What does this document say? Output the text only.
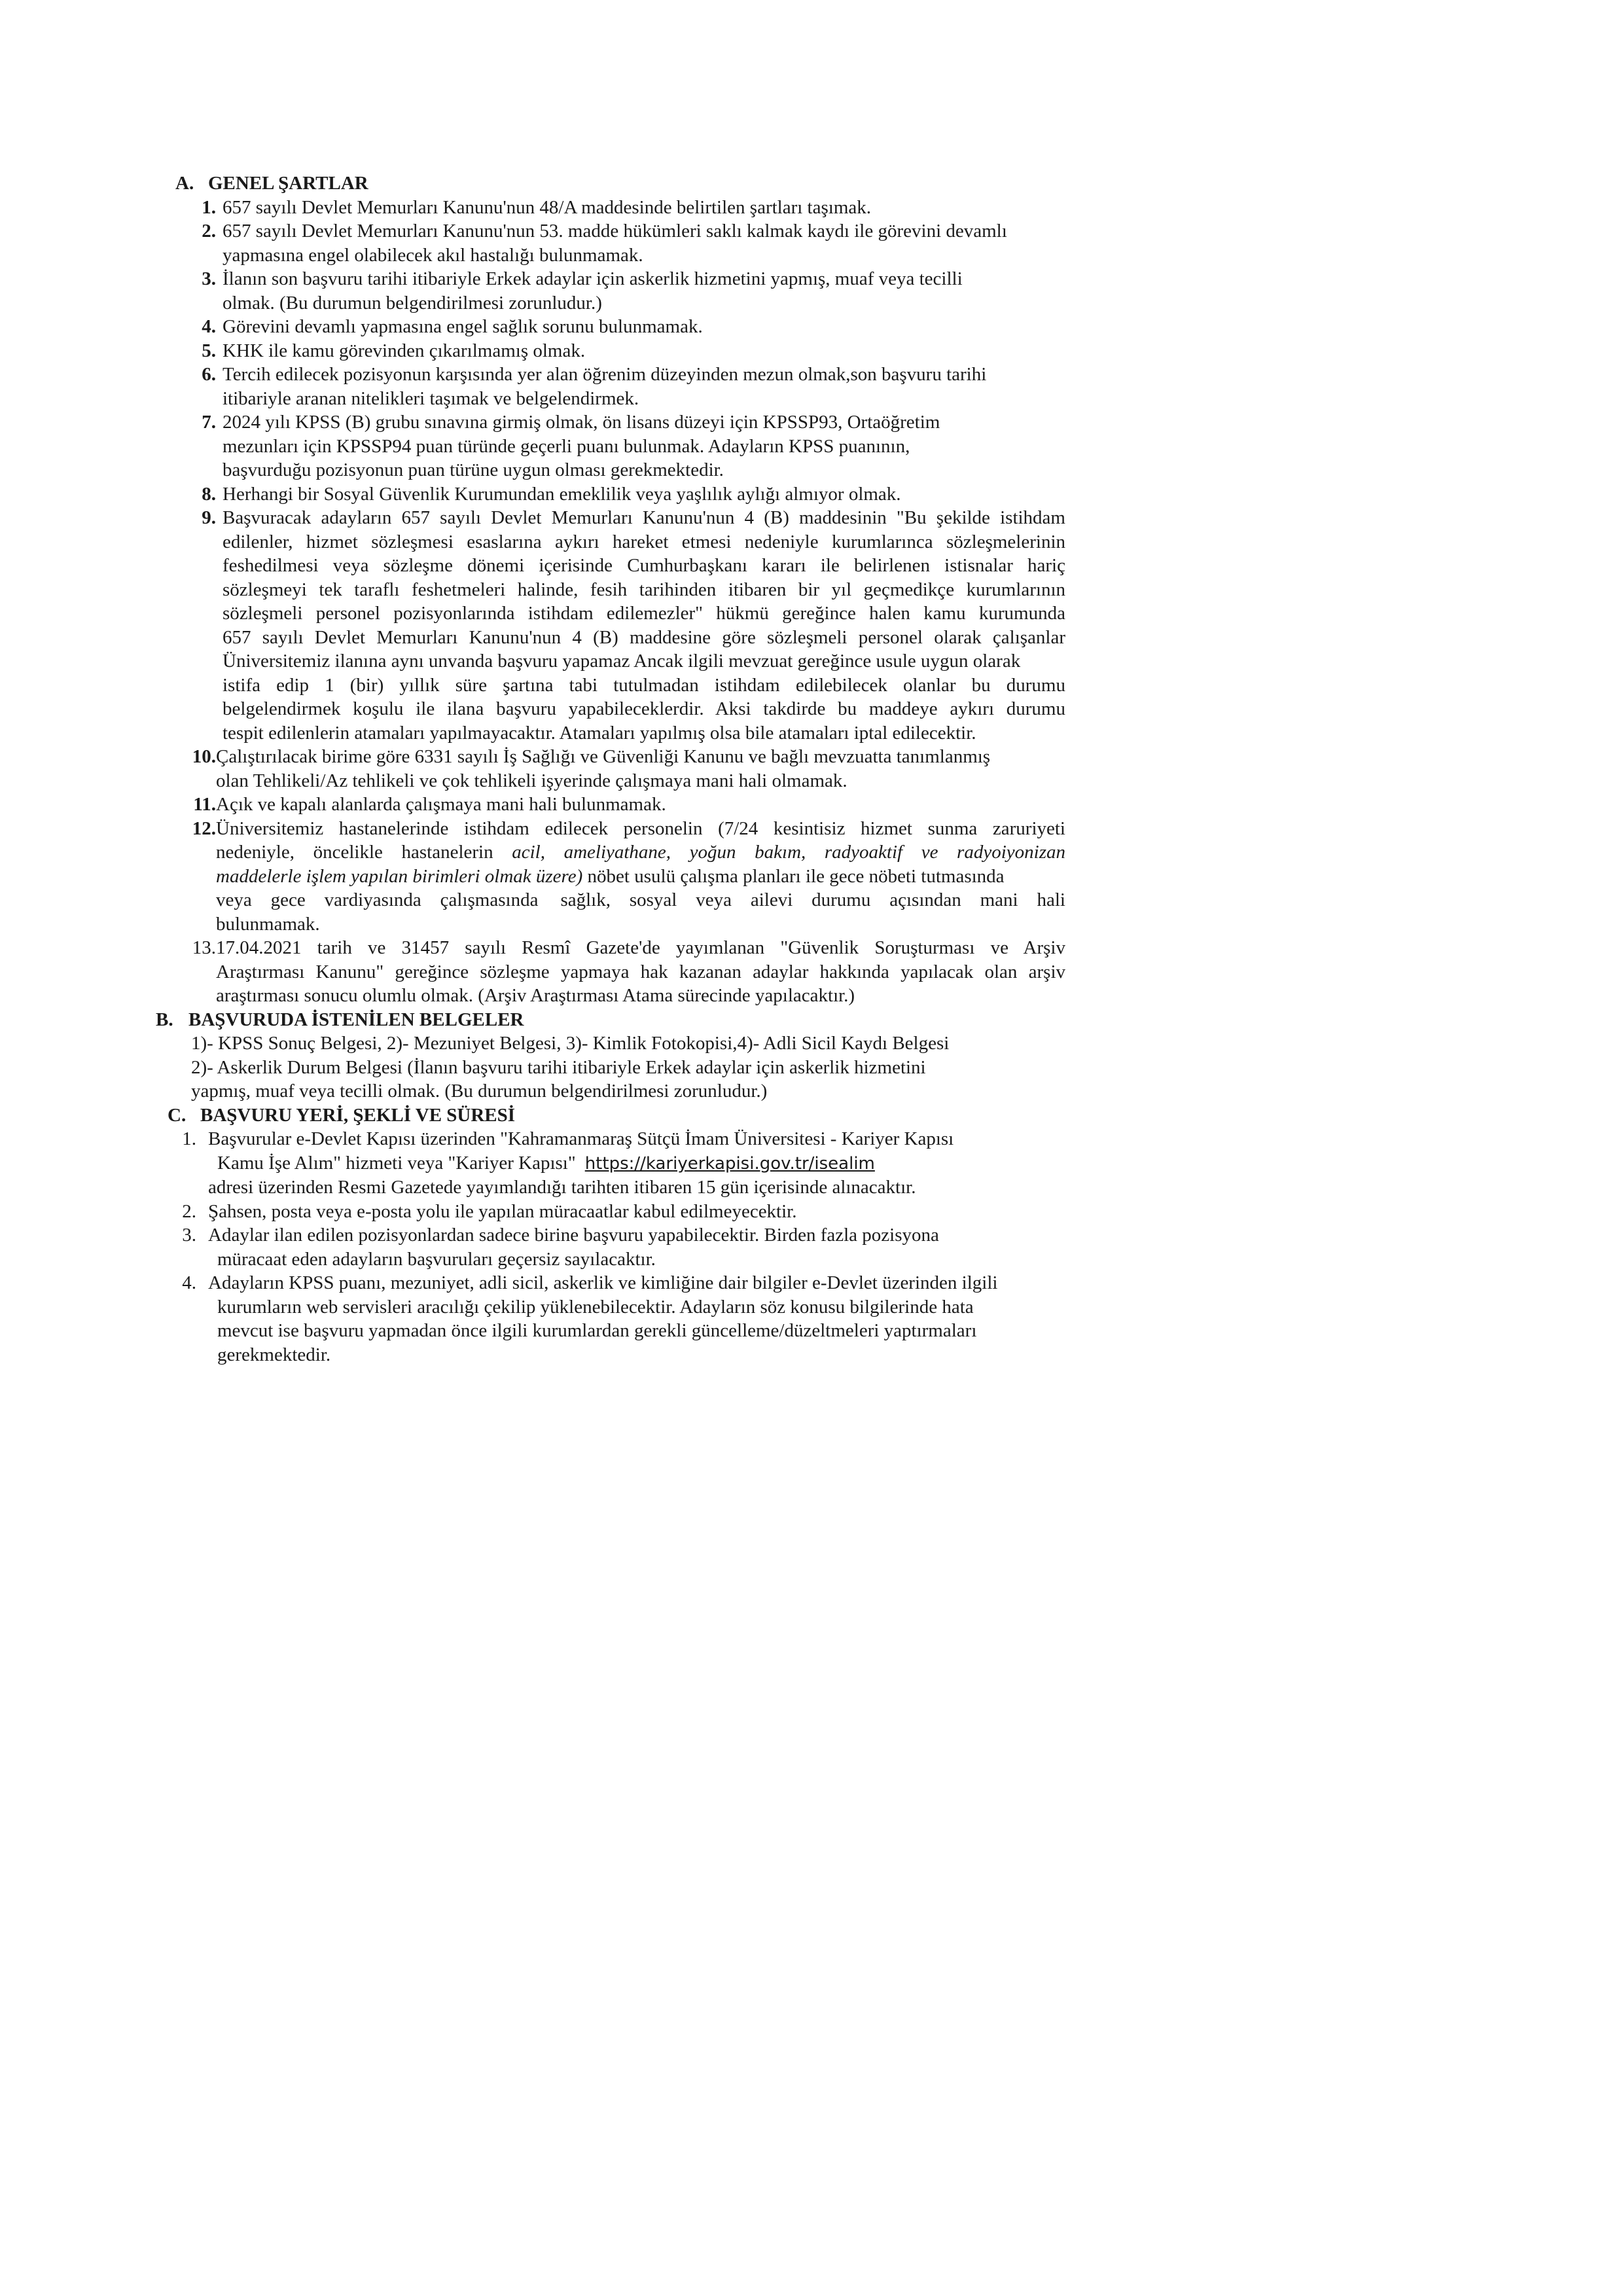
A. GENEL ŞARTLAR
1. 657 sayılı Devlet Memurları Kanunu'nun 48/A maddesinde belirtilen şartları taşımak.
2. 657 sayılı Devlet Memurları Kanunu'nun 53. madde hükümleri saklı kalmak kaydı ile görevini devamlı
yapmasına engel olabilecek akıl hastalığı bulunmamak.
3. İlanın son başvuru tarihi itibariyle Erkek adaylar için askerlik hizmetini yapmış, muaf veya tecilli
olmak. (Bu durumun belgendirilmesi zorunludur.)
4. Görevini devamlı yapmasına engel sağlık sorunu bulunmamak.
5. KHK ile kamu görevinden çıkarılmamış olmak.
6. Tercih edilecek pozisyonun karşısında yer alan öğrenim düzeyinden mezun olmak,son başvuru tarihi
itibariyle aranan nitelikleri taşımak ve belgelendirmek.
7. 2024 yılı KPSS (B) grubu sınavına girmiş olmak, ön lisans düzeyi için KPSSP93, Ortaöğretim
mezunları için KPSSP94 puan türünde geçerli puanı bulunmak. Adayların KPSS puanının,
başvurduğu pozisyonun puan türüne uygun olması gerekmektedir.
8. Herhangi bir Sosyal Güvenlik Kurumundan emeklilik veya yaşlılık aylığı almıyor olmak.
9. Başvuracak adayların 657 sayılı Devlet Memurları Kanunu'nun 4 (B) maddesinin "Bu şekilde istihdam
edilenler, hizmet sözleşmesi esaslarına aykırı hareket etmesi nedeniyle kurumlarınca sözleşmelerinin
feshedilmesi veya sözleşme dönemi içerisinde Cumhurbaşkanı kararı ile belirlenen istisnalar hariç
sözleşmeyi tek taraflı feshetmeleri halinde, fesih tarihinden itibaren bir yıl geçmedikçe kurumlarının
sözleşmeli personel pozisyonlarında istihdam edilemezler" hükmü gereğince halen kamu kurumunda
657 sayılı Devlet Memurları Kanunu'nun 4 (B) maddesine göre sözleşmeli personel olarak çalışanlar
Üniversitemiz ilanına aynı unvanda başvuru yapamaz Ancak ilgili mevzuat gereğince usule uygun olarak
istifa edip 1 (bir) yıllık süre şartına tabi tutulmadan istihdam edilebilecek olanlar bu durumu
belgelendirmek koşulu ile ilana başvuru yapabileceklerdir. Aksi takdirde bu maddeye aykırı durumu
tespit edilenlerin atamaları yapılmayacaktır. Atamaları yapılmış olsa bile atamaları iptal edilecektir.
10. Çalıştırılacak birime göre 6331 sayılı İş Sağlığı ve Güvenliği Kanunu ve bağlı mevzuatta tanımlanmış
olan Tehlikeli/Az tehlikeli ve çok tehlikeli işyerinde çalışmaya mani hali olmamak.
11. Açık ve kapalı alanlarda çalışmaya mani hali bulunmamak.
12. Üniversitemiz hastanelerinde istihdam edilecek personelin (7/24 kesintisiz hizmet sunma zaruriyeti
nedeniyle, öncelikle hastanelerin acil, ameliyathane, yoğun bakım, radyoaktif ve radyoiyonizan
maddelerle işlem yapılan birimleri olmak üzere) nöbet usulü çalışma planları ile gece nöbeti tutmasında
veya gece vardiyasında çalışmasında sağlık, sosyal veya ailevi durumu açısından mani hali
bulunmamak.
13. 17.04.2021 tarih ve 31457 sayılı Resmî Gazete'de yayımlanan "Güvenlik Soruşturması ve Arşiv
Araştırması Kanunu" gereğince sözleşme yapmaya hak kazanan adaylar hakkında yapılacak olan arşiv
araştırması sonucu olumlu olmak. (Arşiv Araştırması Atama sürecinde yapılacaktır.)
B. BAŞVURUDA İSTENİLEN BELGELER
1)- KPSS Sonuç Belgesi, 2)- Mezuniyet Belgesi, 3)- Kimlik Fotokopisi,4)- Adli Sicil Kaydı Belgesi
2)- Askerlik Durum Belgesi (İlanın başvuru tarihi itibariyle Erkek adaylar için askerlik hizmetini
yapmış, muaf veya tecilli olmak. (Bu durumun belgendirilmesi zorunludur.)
C. BAŞVURU YERİ, ŞEKLİ VE SÜRESİ
1. Başvurular e-Devlet Kapısı üzerinden "Kahramanmaraş Sütçü İmam Üniversitesi - Kariyer Kapısı
Kamu İşe Alım" hizmeti veya "Kariyer Kapısı" https://kariyerkapisi.gov.tr/isealim
adresi üzerinden Resmi Gazetede yayımlandığı tarihten itibaren 15 gün içerisinde alınacaktır.
2. Şahsen, posta veya e-posta yolu ile yapılan müracaatlar kabul edilmeyecektir.
3. Adaylar ilan edilen pozisyonlardan sadece birine başvuru yapabilecektir. Birden fazla pozisyona
müracaat eden adayların başvuruları geçersiz sayılacaktır.
4. Adayların KPSS puanı, mezuniyet, adli sicil, askerlik ve kimliğine dair bilgiler e-Devlet üzerinden ilgili
kurumların web servisleri aracılığı çekilip yüklenebilecektir. Adayların söz konusu bilgilerinde hata
mevcut ise başvuru yapmadan önce ilgili kurumlardan gerekli güncelleme/düzeltmeleri yaptırmaları
gerekmektedir.
